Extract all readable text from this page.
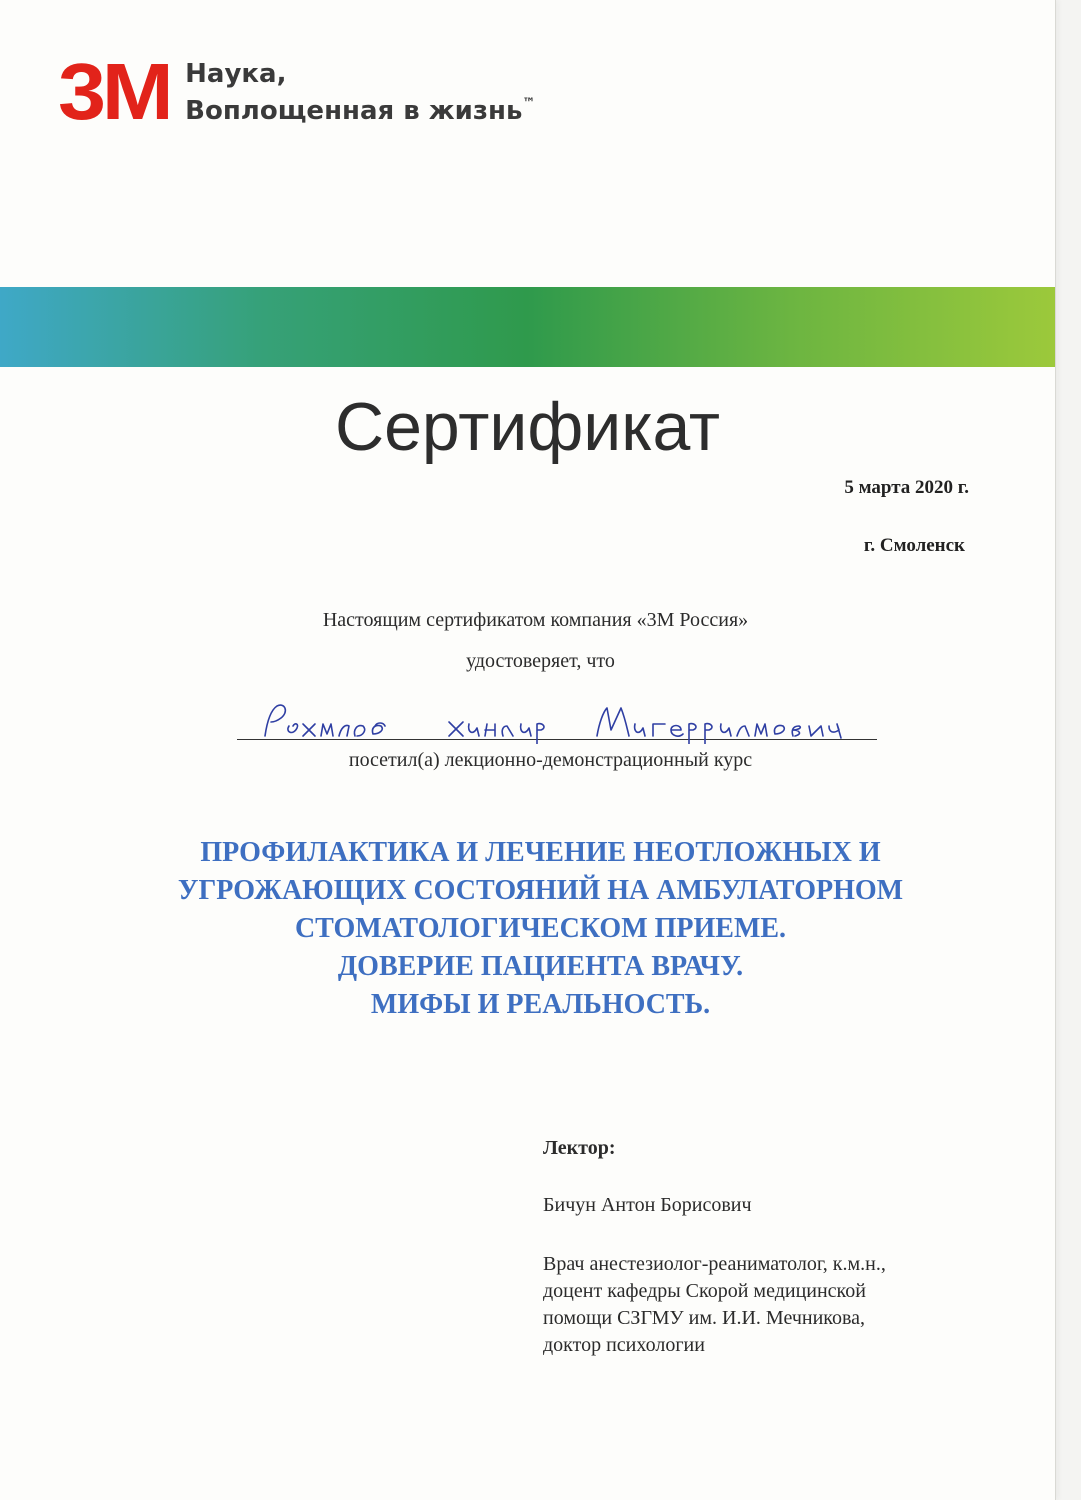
3M Наука,
Воплощенная в жизнь™
Сертификат
5 марта 2020 г.
г. Смоленск
Настоящим сертификатом компания «3М Россия»
удостоверяет, что
посетил(а) лекционно-демонстрационный курс
ПРОФИЛАКТИКА И ЛЕЧЕНИЕ НЕОТЛОЖНЫХ И
УГРОЖАЮЩИХ СОСТОЯНИЙ НА АМБУЛАТОРНОМ
СТОМАТОЛОГИЧЕСКОМ ПРИЕМЕ.
ДОВЕРИЕ ПАЦИЕНТА ВРАЧУ.
МИФЫ И РЕАЛЬНОСТЬ.
Лектор:
Бичун Антон Борисович
Врач анестезиолог-реаниматолог, к.м.н.,
доцент кафедры Скорой медицинской
помощи СЗГМУ им. И.И. Мечникова,
доктор психологии
